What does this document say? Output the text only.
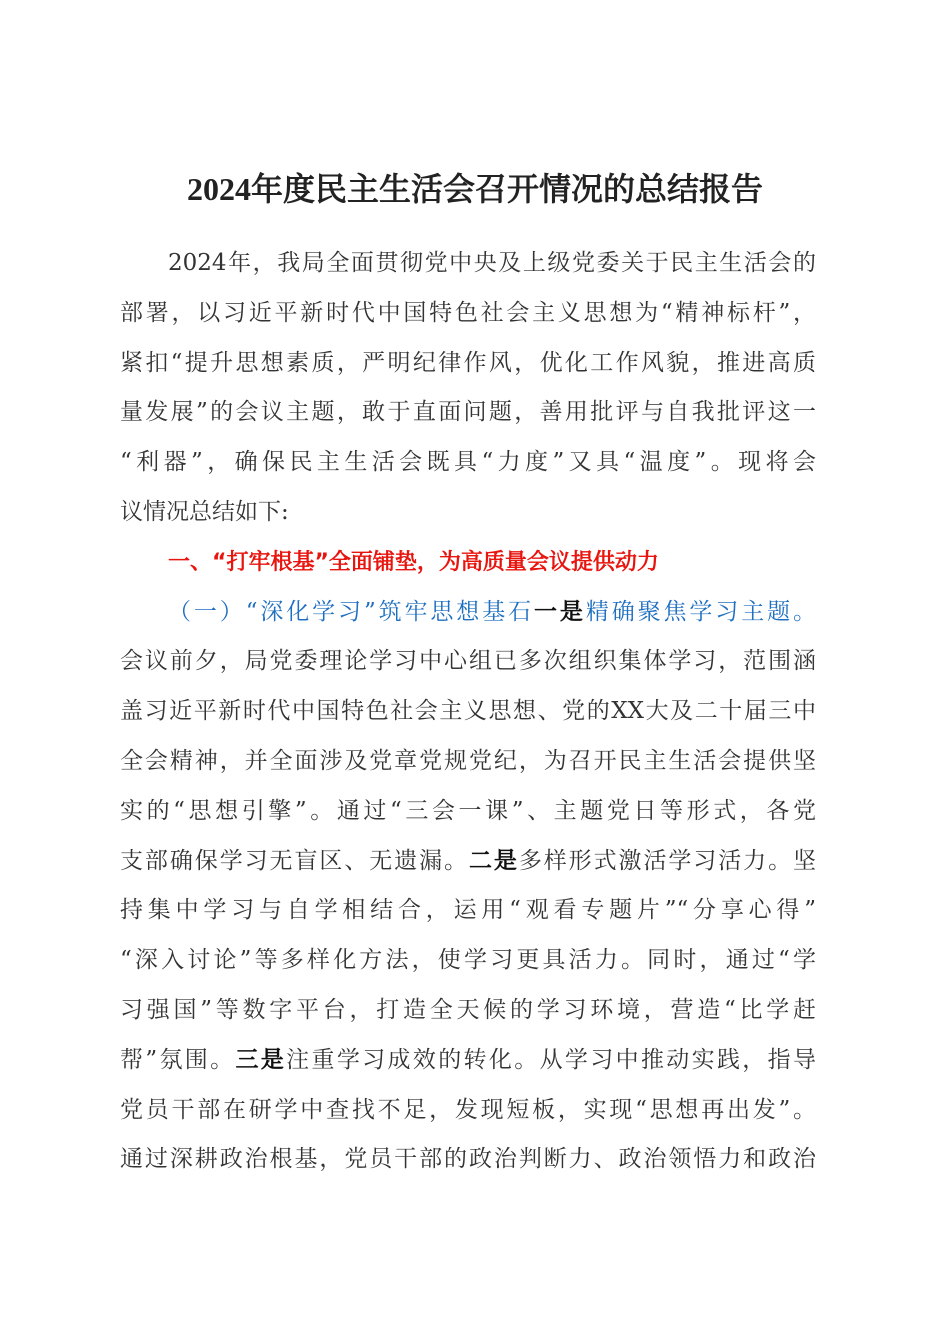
2024年度民主生活会召开情况的总结报告
2024年，我局全面贯彻党中央及上级党委关于民主生活会的
部署，以习近平新时代中国特色社会主义思想为“精神标杆”，
紧扣“提升思想素质，严明纪律作风，优化工作风貌，推进高质
量发展”的会议主题，敢于直面问题，善用批评与自我批评这一
“利器”，确保民主生活会既具“力度”又具“温度”。现将会
议情况总结如下:
一、“打牢根基”全面铺垫，为高质量会议提供动力
（一）“深化学习”筑牢思想基石一是精确聚焦学习主题。
会议前夕，局党委理论学习中心组已多次组织集体学习，范围涵
盖习近平新时代中国特色社会主义思想、党的XX大及二十届三中
全会精神，并全面涉及党章党规党纪，为召开民主生活会提供坚
实的“思想引擎”。通过“三会一课”、主题党日等形式，各党
支部确保学习无盲区、无遗漏。二是多样形式激活学习活力。坚
持集中学习与自学相结合，运用“观看专题片”“分享心得”
“深入讨论”等多样化方法，使学习更具活力。同时，通过“学
习强国”等数字平台，打造全天候的学习环境，营造“比学赶
帮”氛围。三是注重学习成效的转化。从学习中推动实践，指导
党员干部在研学中查找不足，发现短板，实现“思想再出发”。
通过深耕政治根基，党员干部的政治判断力、政治领悟力和政治
